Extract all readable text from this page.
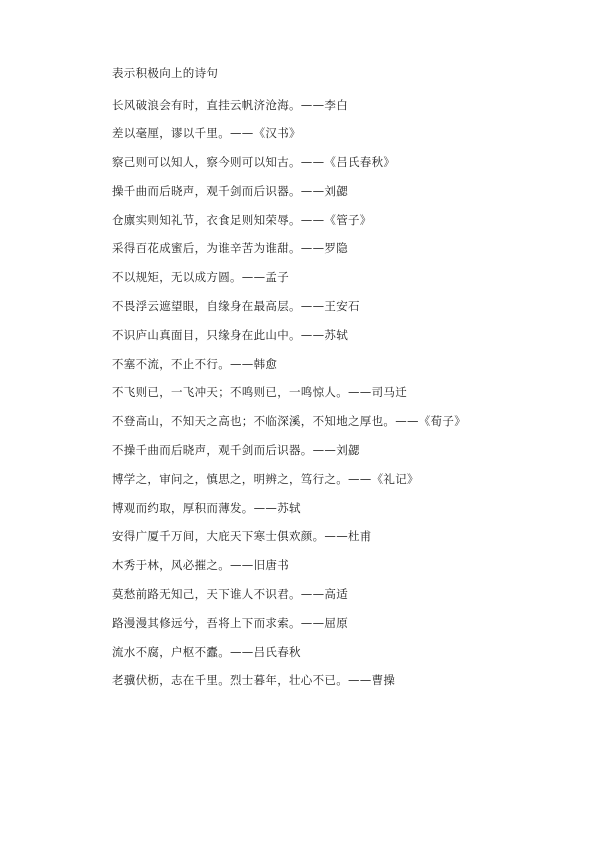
表示积极向上的诗句
长风破浪会有时，直挂云帆济沧海。——李白
差以毫厘，谬以千里。——《汉书》
察己则可以知人，察今则可以知古。——《吕氏春秋》
操千曲而后晓声，观千剑而后识器。——刘勰
仓廪实则知礼节，衣食足则知荣辱。——《管子》
采得百花成蜜后，为谁辛苦为谁甜。——罗隐
不以规矩，无以成方圆。——孟子
不畏浮云遮望眼，自缘身在最高层。——王安石
不识庐山真面目，只缘身在此山中。——苏轼
不塞不流，不止不行。——韩愈
不飞则已，一飞冲天；不鸣则已，一鸣惊人。——司马迁
不登高山，不知天之高也；不临深溪，不知地之厚也。——《荀子》
不操千曲而后晓声，观千剑而后识器。——刘勰
博学之，审问之，慎思之，明辨之，笃行之。——《礼记》
博观而约取，厚积而薄发。——苏轼
安得广厦千万间，大庇天下寒士俱欢颜。——杜甫
木秀于林，风必摧之。——旧唐书
莫愁前路无知己，天下谁人不识君。——高适
路漫漫其修远兮，吾将上下而求索。——屈原
流水不腐，户枢不蠹。——吕氏春秋
老骥伏枥，志在千里。烈士暮年，壮心不已。——曹操
